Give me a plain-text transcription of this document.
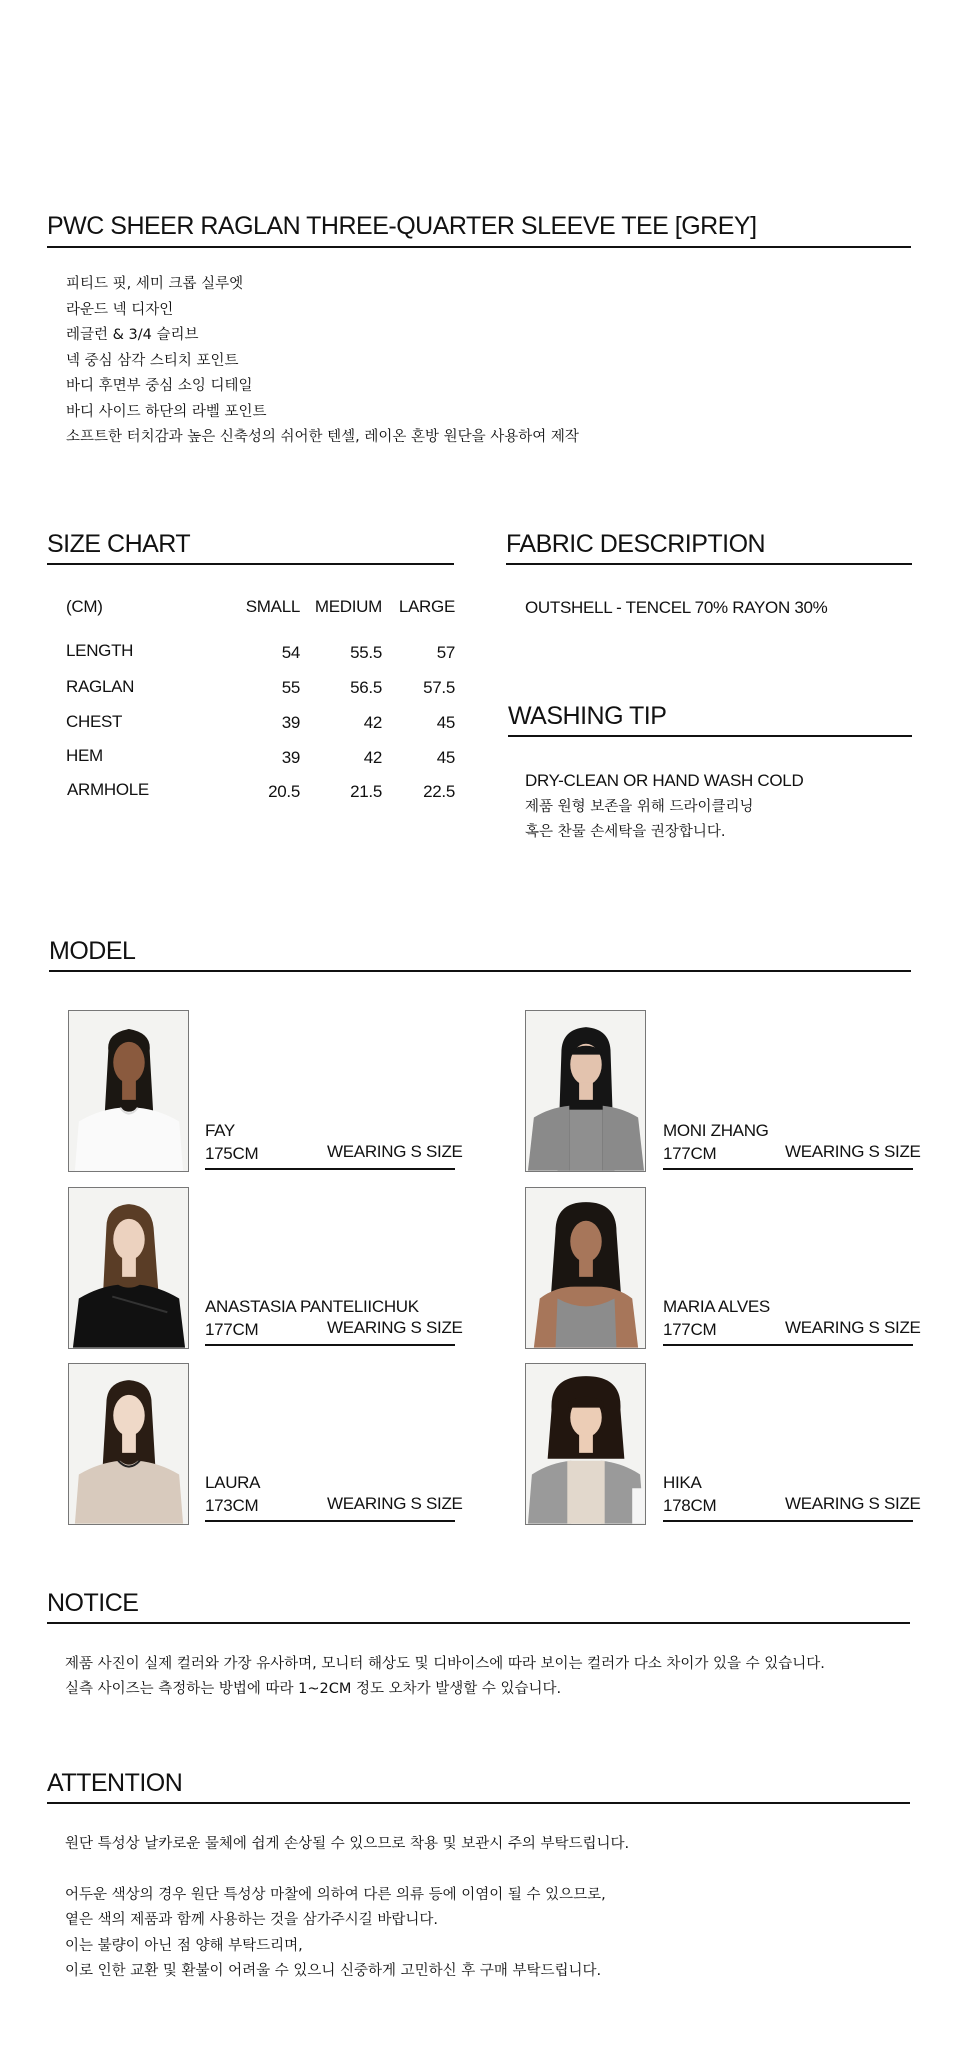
PWC SHEER RAGLAN THREE-QUARTER SLEEVE TEE [GREY]
피티드 핏, 세미 크롭 실루엣
라운드 넥 디자인
레글런 & 3/4 슬리브
넥 중심 삼각 스티치 포인트
바디 후면부 중심 소잉 디테일
바디 사이드 하단의 라벨 포인트
소프트한 터치감과 높은 신축성의 쉬어한 텐셀, 레이온 혼방 원단을 사용하여 제작
SIZE CHART
(CM)	SMALL MEDIUM LARGE
LENGTH	54	55.5	57
RAGLAN	55	56.5	57.5
CHEST	39	42	45
HEM	39	42	45
ARMHOLE	20.5	21.5	22.5
FABRIC DESCRIPTION
OUTSHELL - TENCEL 70% RAYON 30%
WASHING TIP
DRY-CLEAN OR HAND WASH COLD
제품 원형 보존을 위해 드라이클리닝
혹은 찬물 손세탁을 권장합니다.
MODEL
FAY
175CM	WEARING S SIZE
MONI ZHANG
177CM	WEARING S SIZE
ANASTASIA PANTELIICHUK
177CM	WEARING S SIZE
MARIA ALVES
177CM	WEARING S SIZE
LAURA
173CM	WEARING S SIZE
HIKA
178CM	WEARING S SIZE
NOTICE
제품 사진이 실제 컬러와 가장 유사하며, 모니터 해상도 및 디바이스에 따라 보이는 컬러가 다소 차이가 있을 수 있습니다.
실측 사이즈는 측정하는 방법에 따라 1~2CM 정도 오차가 발생할 수 있습니다.
ATTENTION
원단 특성상 날카로운 물체에 쉽게 손상될 수 있으므로 착용 및 보관시 주의 부탁드립니다.
어두운 색상의 경우 원단 특성상 마찰에 의하여 다른 의류 등에 이염이 될 수 있으므로,
옅은 색의 제품과 함께 사용하는 것을 삼가주시길 바랍니다.
이는 불량이 아닌 점 양해 부탁드리며,
이로 인한 교환 및 환불이 어려울 수 있으니 신중하게 고민하신 후 구매 부탁드립니다.
